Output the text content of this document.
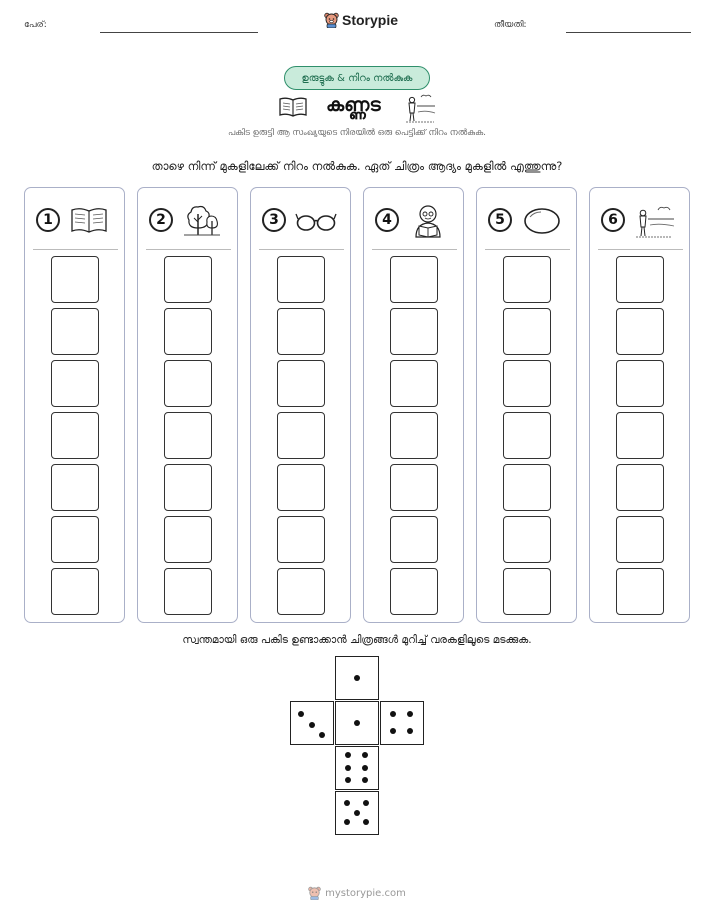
പേര്:	Storypie	തീയതി:
ഉരുട്ടുക & നിറം നൽകുക
കണ്ണട
പകിട ഉരുട്ടി ആ സംഖ്യയുടെ നിരയിൽ ഒരു പെട്ടിക്ക് നിറം നൽകുക.
താഴെ നിന്ന് മുകളിലേക്ക് നിറം നൽകുക. ഏത് ചിത്രം ആദ്യം മുകളിൽ എത്തുന്നു?
1	2	3	4	5	6
സ്വന്തമായി ഒരു പകിട ഉണ്ടാക്കാൻ ചിത്രങ്ങൾ മുറിച്ച് വരകളിലൂടെ മടക്കുക.
mystorypie.com
